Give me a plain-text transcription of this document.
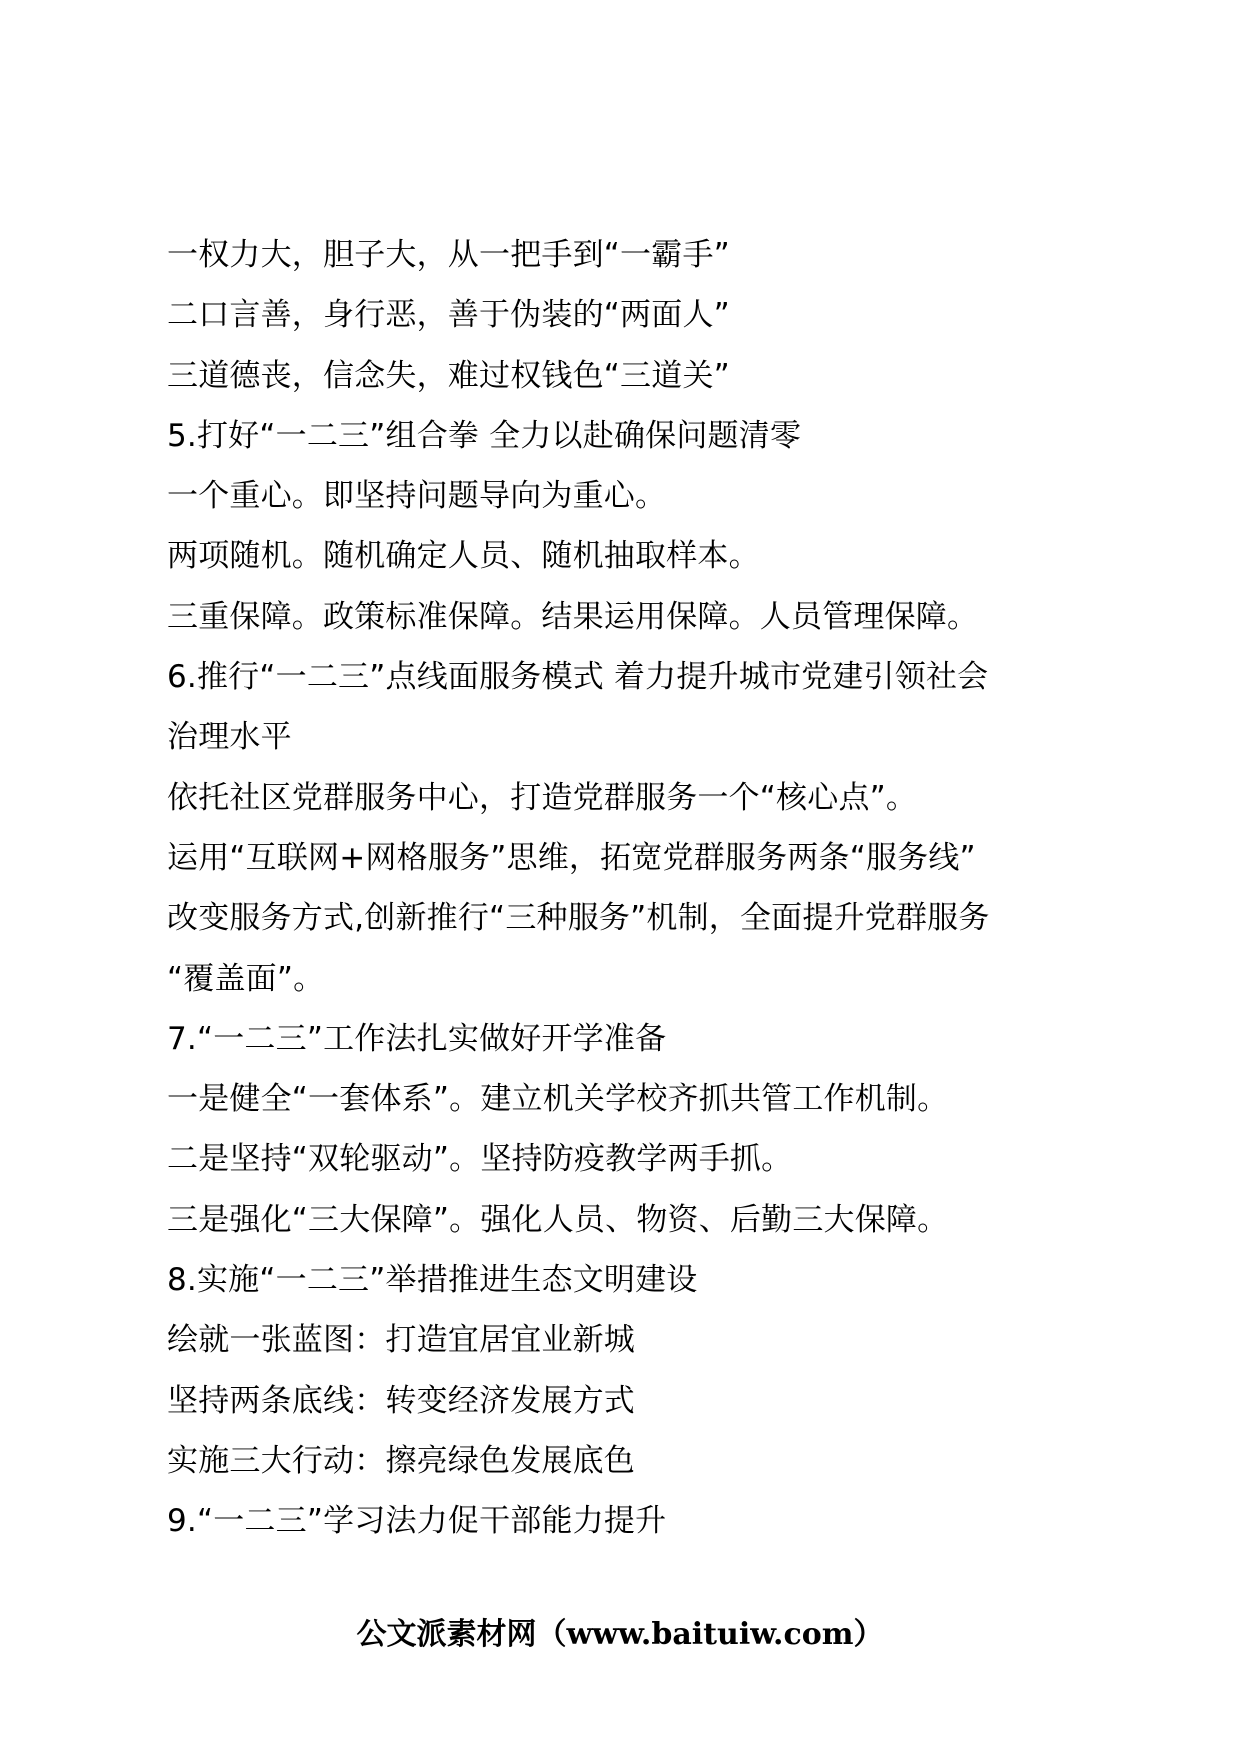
一权力大，胆子大，从一把手到“一霸手”
二口言善，身行恶，善于伪装的“两面人”
三道德丧，信念失，难过权钱色“三道关”
5.打好“一二三”组合拳 全力以赴确保问题清零
一个重心。即坚持问题导向为重心。
两项随机。随机确定人员、随机抽取样本。
三重保障。政策标准保障。结果运用保障。人员管理保障。
6.推行“一二三”点线面服务模式 着力提升城市党建引领社会
治理水平
依托社区党群服务中心，打造党群服务一个“核心点”。
运用“互联网+网格服务”思维，拓宽党群服务两条“服务线”
改变服务方式,创新推行“三种服务”机制，全面提升党群服务
“覆盖面”。
7.“一二三”工作法扎实做好开学准备
一是健全“一套体系”。建立机关学校齐抓共管工作机制。
二是坚持“双轮驱动”。坚持防疫教学两手抓。
三是强化“三大保障”。强化人员、物资、后勤三大保障。
8.实施“一二三”举措推进生态文明建设
绘就一张蓝图：打造宜居宜业新城
坚持两条底线：转变经济发展方式
实施三大行动：擦亮绿色发展底色
9.“一二三”学习法力促干部能力提升
公文派素材网（www.baituiw.com）
